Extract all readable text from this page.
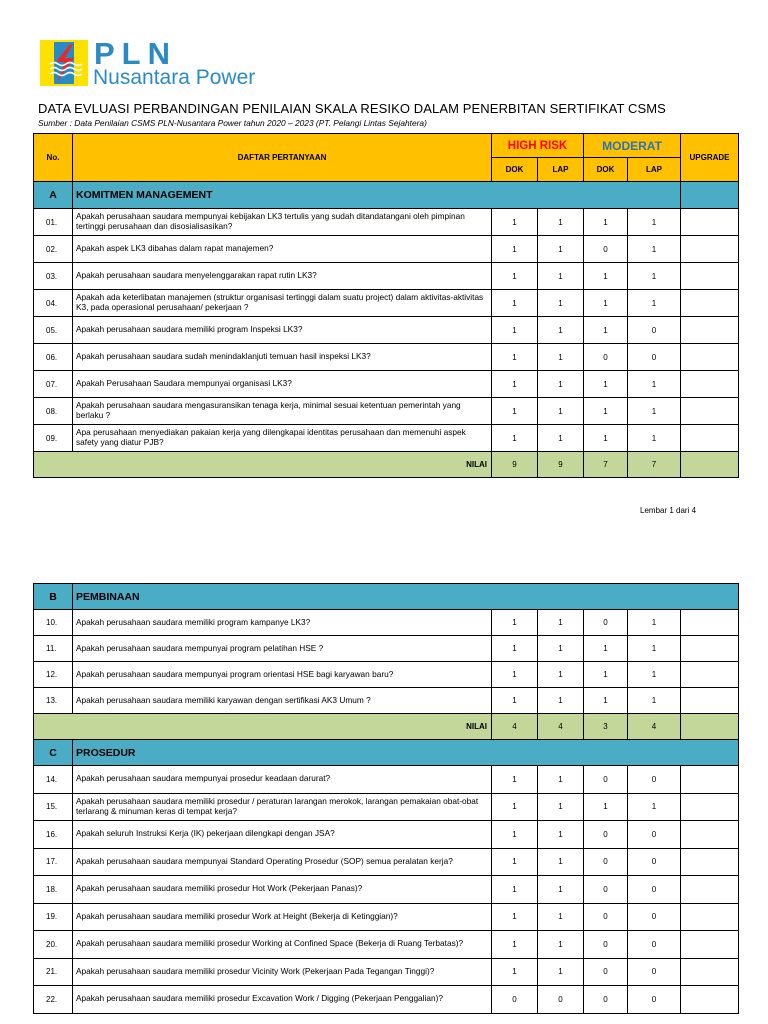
PLN
Nusantara Power
DATA EVLUASI PERBANDINGAN PENILAIAN SKALA RESIKO DALAM PENERBITAN SERTIFIKAT CSMS
Sumber : Data Penilaian CSMS PLN-Nusantara Power tahun 2020 – 2023 (PT. Pelangi Lintas Sejahtera)
No.	DAFTAR PERTANYAAN	HIGH RISK		MODERAT		UPGRADE
		DOK	LAP	DOK	LAP	
A	KOMITMEN MANAGEMENT					
01.	Apakah perusahaan saudara mempunyai kebijakan LK3 tertulis yang sudah ditandatangani oleh pimpinan tertinggi perusahaan dan disosialisasikan?	1	1	1	1	
02.	Apakah aspek LK3 dibahas dalam rapat manajemen?	1	1	0	1	
03.	Apakah perusahaan saudara menyelenggarakan rapat rutin LK3?	1	1	1	1	
04.	Apakah ada keterlibatan manajemen (struktur organisasi tertinggi dalam suatu project) dalam aktivitas-aktivitas K3, pada operasional perusahaan/ pekerjaan ?	1	1	1	1	
05.	Apakah perusahaan saudara memiliki program Inspeksi LK3?	1	1	1	0	
06.	Apakah perusahaan saudara sudah menindaklanjuti temuan hasil inspeksi LK3?	1	1	0	0	
07.	Apakah Perusahaan Saudara mempunyai organisasi LK3?	1	1	1	1	
08.	Apakah perusahaan saudara mengasuransikan tenaga kerja, minimal sesuai ketentuan pemerintah yang berlaku ?	1	1	1	1	
09.	Apa perusahaan menyediakan pakaian kerja yang dilengkapai identitas perusahaan dan memenuhi aspek safety yang diatur PJB?	1	1	1	1	
NILAI		9	9	7	7	
Lembar 1 dari 4
B	PEMBINAAN					
10.	Apakah perusahaan saudara memiliki program kampanye LK3?	1	1	0	1	
11.	Apakah perusahaan saudara mempunyai program pelatihan HSE ?	1	1	1	1	
12.	Apakah perusahaan saudara mempunyai program orientasi HSE bagi karyawan baru?	1	1	1	1	
13.	Apakah perusahaan saudara memiliki karyawan dengan sertifikasi AK3 Umum ?	1	1	1	1	
NILAI		4	4	3	4	
C	PROSEDUR					
14.	Apakah perusahaan saudara mempunyai prosedur keadaan darurat?	1	1	0	0	
15.	Apakah perusahaan saudara memiliki prosedur / peraturan larangan merokok, larangan pemakaian obat-obat terlarang & minuman keras di tempat kerja?	1	1	1	1	
16.	Apakah seluruh Instruksi Kerja (IK) pekerjaan dilengkapi dengan JSA?	1	1	0	0	
17.	Apakah perusahaan saudara mempunyai Standard Operating Prosedur (SOP) semua peralatan kerja?	1	1	0	0	
18.	Apakah perusahaan saudara memiliki prosedur Hot Work (Pekerjaan Panas)?	1	1	0	0	
19.	Apakah perusahaan saudara memiliki prosedur Work at Height (Bekerja di Ketinggian)?	1	1	0	0	
20.	Apakah perusahaan saudara memiliki prosedur Working at Confined Space (Bekerja di Ruang Terbatas)?	1	1	0	0	
21.	Apakah perusahaan saudara memiliki prosedur Vicinity Work (Pekerjaan Pada Tegangan Tinggi)?	1	1	0	0	
22.	Apakah perusahaan saudara memiliki prosedur Excavation Work / Digging (Pekerjaan Penggalian)?	0	0	0	0	
